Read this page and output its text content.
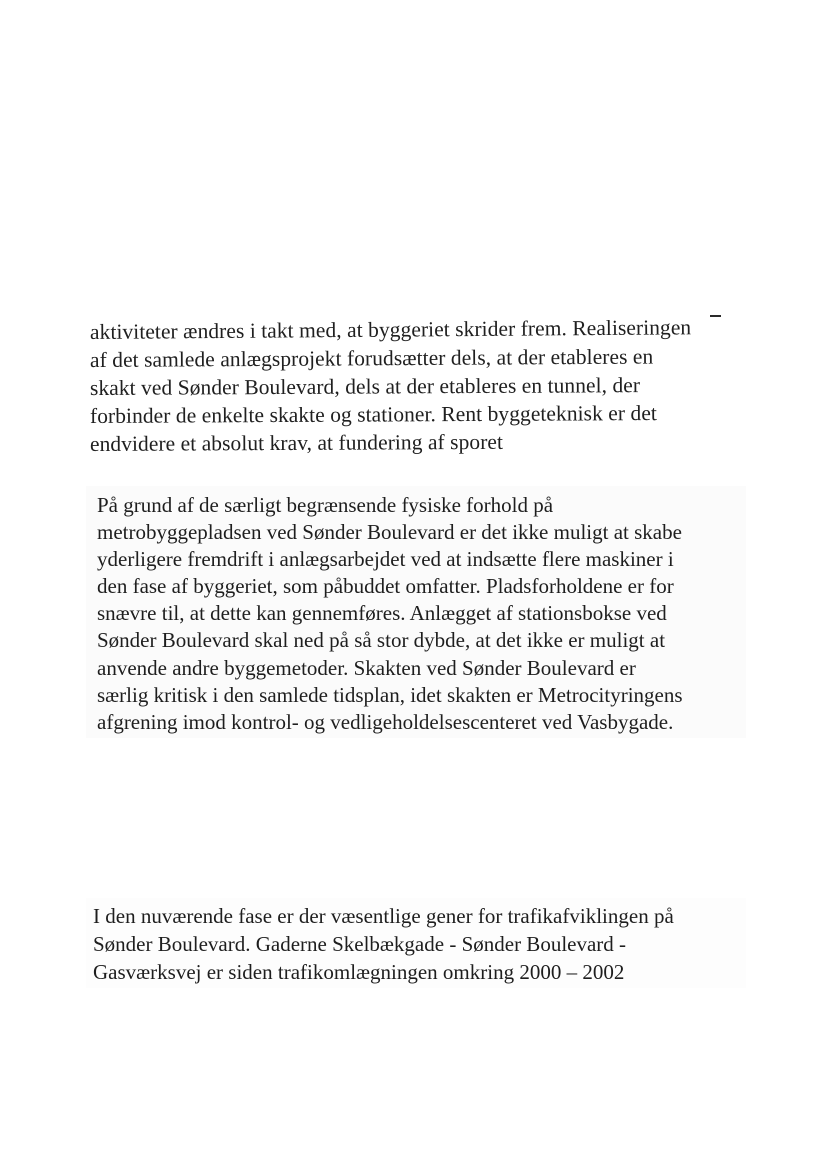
aktiviteter ændres i takt med, at byggeriet skrider frem. Realiseringen
af det samlede anlægsprojekt forudsætter dels, at der etableres en
skakt ved Sønder Boulevard, dels at der etableres en tunnel, der
forbinder de enkelte skakte og stationer. Rent byggeteknisk er det
endvidere et absolut krav, at fundering af sporet
På grund af de særligt begrænsende fysiske forhold på
metrobyggepladsen ved Sønder Boulevard er det ikke muligt at skabe
yderligere fremdrift i anlægsarbejdet ved at indsætte flere maskiner i
den fase af byggeriet, som påbuddet omfatter. Pladsforholdene er for
snævre til, at dette kan gennemføres. Anlægget af stationsbokse ved
Sønder Boulevard skal ned på så stor dybde, at det ikke er muligt at
anvende andre byggemetoder. Skakten ved Sønder Boulevard er
særlig kritisk i den samlede tidsplan, idet skakten er Metrocityringens
afgrening imod kontrol- og vedligeholdelsescenteret ved Vasbygade.
I den nuværende fase er der væsentlige gener for trafikafviklingen på
Sønder Boulevard. Gaderne Skelbækgade - Sønder Boulevard -
Gasværksvej er siden trafikomlægningen omkring 2000 – 2002
